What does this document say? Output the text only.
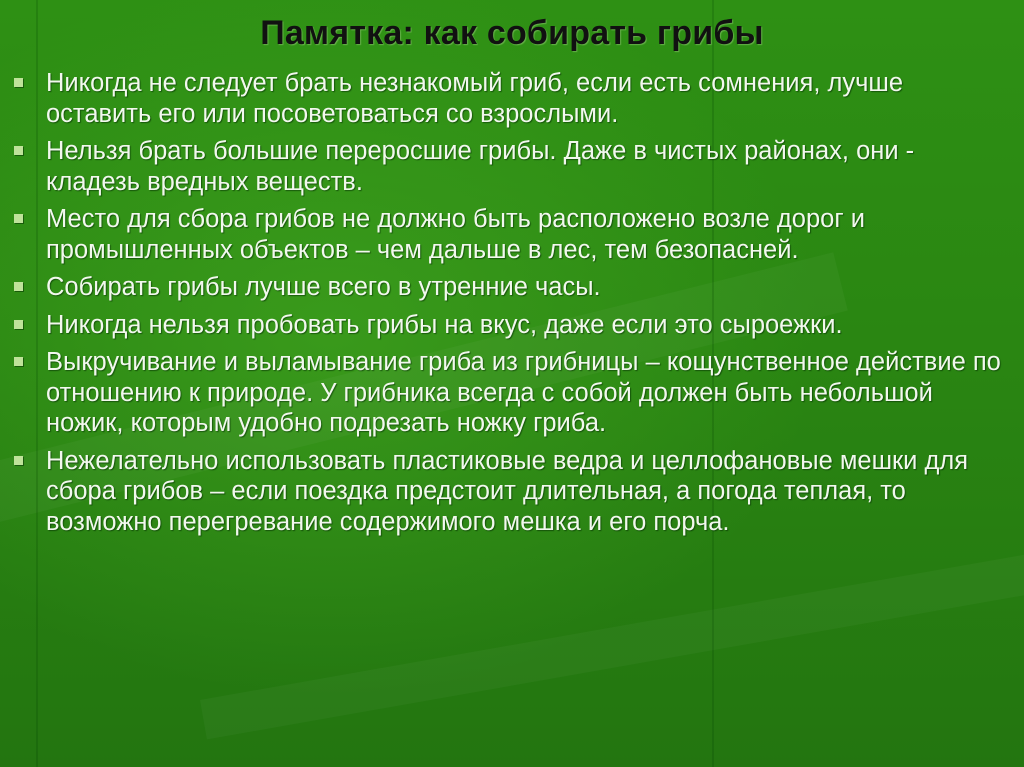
Памятка: как собирать грибы
Никогда не следует брать незнакомый гриб, если есть сомнения, лучше оставить его или посоветоваться со взрослыми.
Нельзя брать большие переросшие грибы. Даже в чистых районах, они - кладезь вредных веществ.
Место для сбора грибов не должно быть расположено возле дорог и промышленных объектов – чем дальше в лес, тем безопасней.
Собирать грибы лучше всего в утренние часы.
Никогда нельзя пробовать грибы на вкус, даже если это сыроежки.
Выкручивание и выламывание гриба из грибницы – кощунственное действие по отношению к природе. У грибника всегда с собой должен быть небольшой ножик, которым удобно подрезать ножку гриба.
Нежелательно использовать пластиковые ведра и целлофановые мешки для сбора грибов – если поездка предстоит длительная, а погода теплая, то возможно перегревание содержимого мешка и его порча.
